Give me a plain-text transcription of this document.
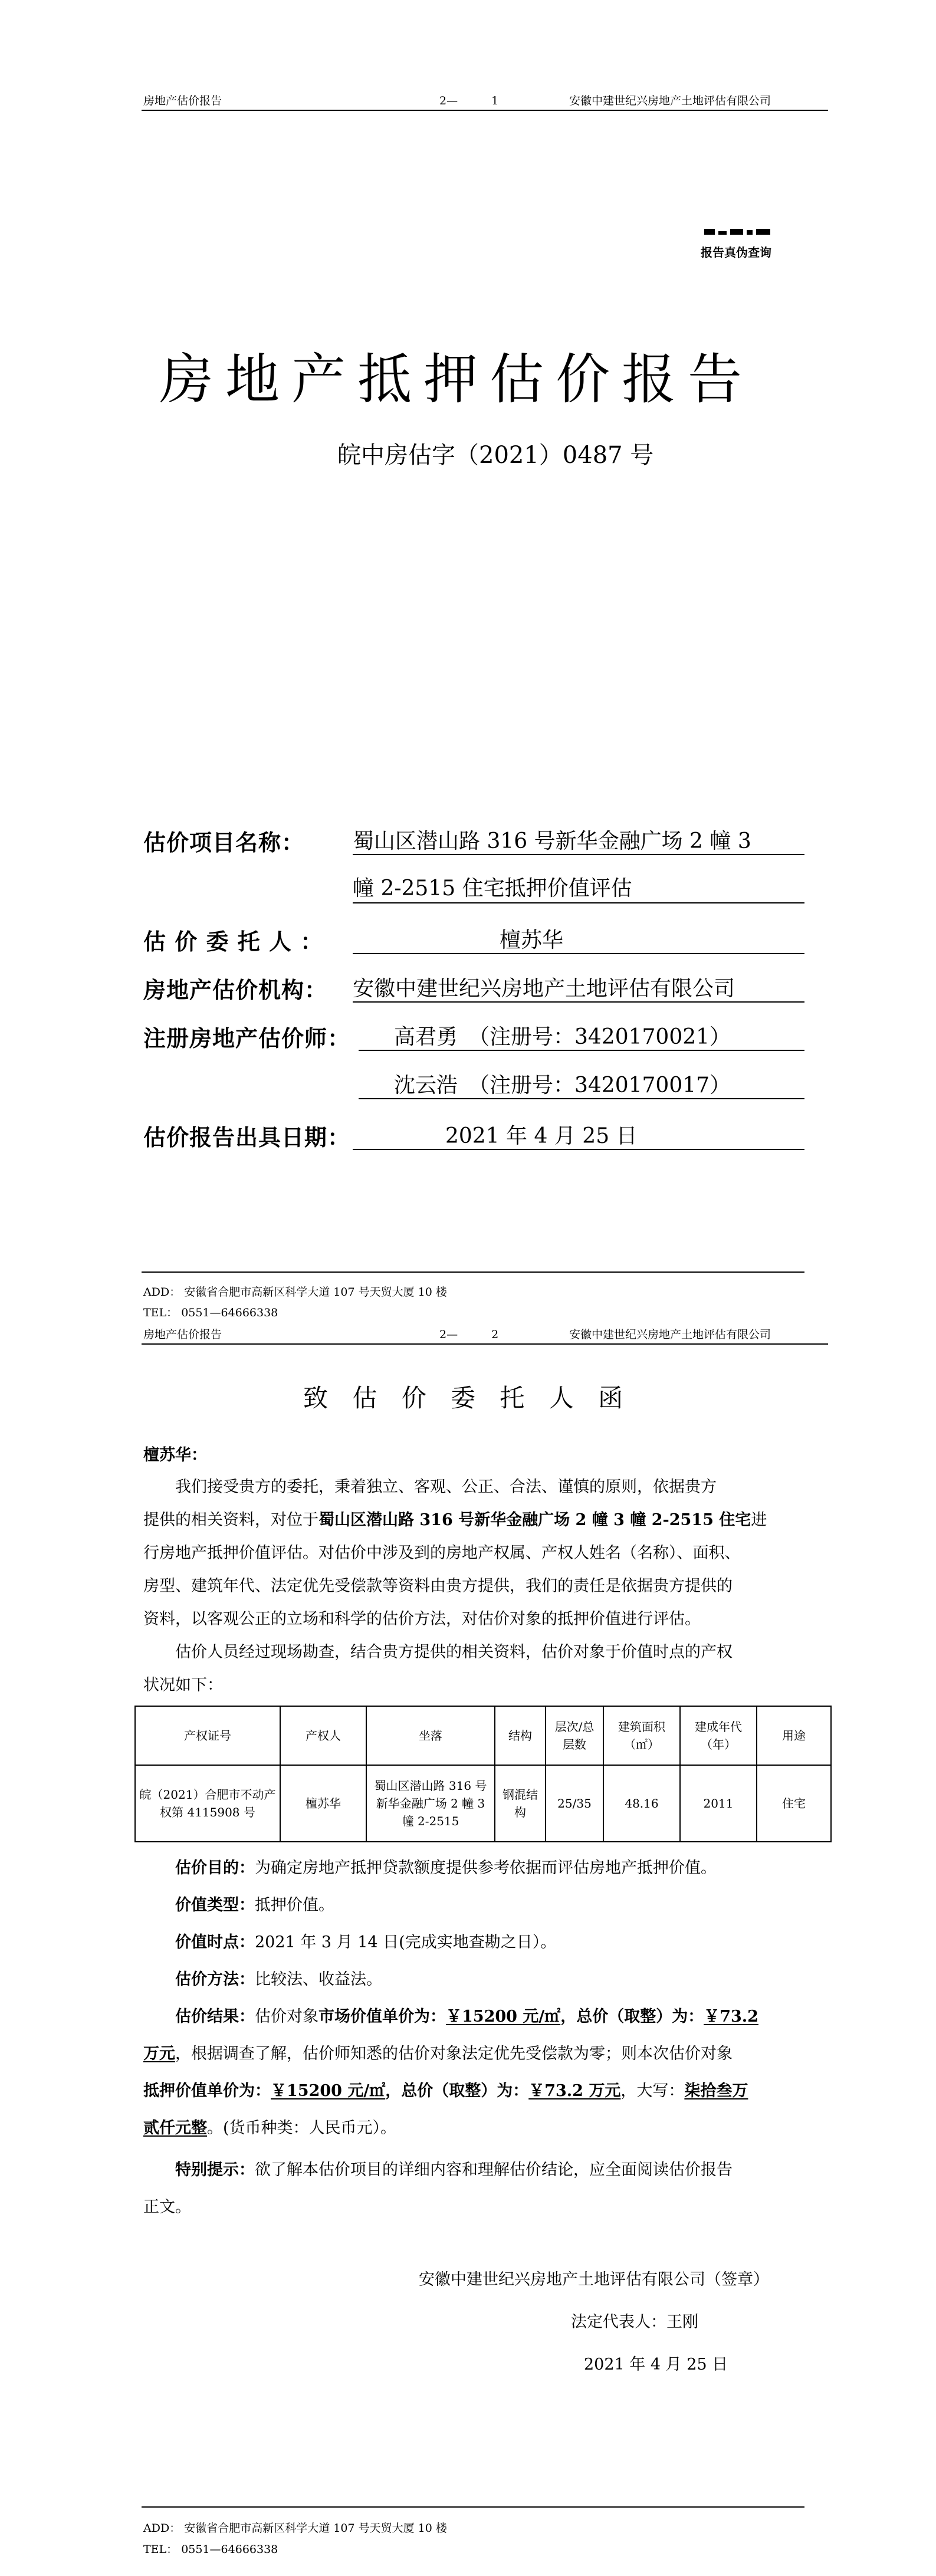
房地产估价报告	2—　　　1	安徽中建世纪兴房地产土地评估有限公司
报告真伪查询
房地产抵押估价报告
皖中房估字（2021）0487 号
估价项目名称： 蜀山区潜山路 316 号新华金融广场 2 幢 3
幢 2-2515 住宅抵押价值评估
估 价 委 托 人 ：	檀苏华
房地产估价机构： 安徽中建世纪兴房地产土地评估有限公司
注册房地产估价师： 高君勇　（注册号：3420170021）
沈云浩　（注册号：3420170017）
估价报告出具日期：	2021 年 4 月 25 日
ADD： 安徽省合肥市高新区科学大道 107 号天贸大厦 10 楼
TEL： 0551—64666338
房地产估价报告	2—　　　2	安徽中建世纪兴房地产土地评估有限公司
致 估 价 委 托 人 函
檀苏华：
我们接受贵方的委托，秉着独立、客观、公正、合法、谨慎的原则，依据贵方
提供的相关资料，对位于蜀山区潜山路 316 号新华金融广场 2 幢 3 幢 2-2515 住宅进
行房地产抵押价值评估。对估价中涉及到的房地产权属、产权人姓名（名称）、面积、
房型、建筑年代、法定优先受偿款等资料由贵方提供，我们的责任是依据贵方提供的
资料，以客观公正的立场和科学的估价方法，对估价对象的抵押价值进行评估。
估价人员经过现场勘查，结合贵方提供的相关资料，估价对象于价值时点的产权
状况如下：
产权证号	产权人	坐落	结构	层次/总层数	建筑面积（㎡）	建成年代（年）	用途
皖（2021）合肥市不动产权第 4115908 号	檀苏华	蜀山区潜山路 316 号新华金融广场 2 幢 3 幢 2-2515	钢混结构	25/35	48.16	2011	住宅
估价目的：为确定房地产抵押贷款额度提供参考依据而评估房地产抵押价值。
价值类型：抵押价值。
价值时点：2021 年 3 月 14 日(完成实地查勘之日）。
估价方法：比较法、收益法。
估价结果：估价对象市场价值单价为：￥15200 元/㎡，总价（取整）为：￥73.2
万元，根据调查了解，估价师知悉的估价对象法定优先受偿款为零；则本次估价对象
抵押价值单价为：￥15200 元/㎡，总价（取整）为：￥73.2 万元，大写：柒拾叁万
贰仟元整。(货币种类：人民币元）。
特别提示：欲了解本估价项目的详细内容和理解估价结论，应全面阅读估价报告
正文。
安徽中建世纪兴房地产土地评估有限公司（签章）
法定代表人：王刚
2021 年 4 月 25 日
ADD： 安徽省合肥市高新区科学大道 107 号天贸大厦 10 楼
TEL： 0551—64666338
